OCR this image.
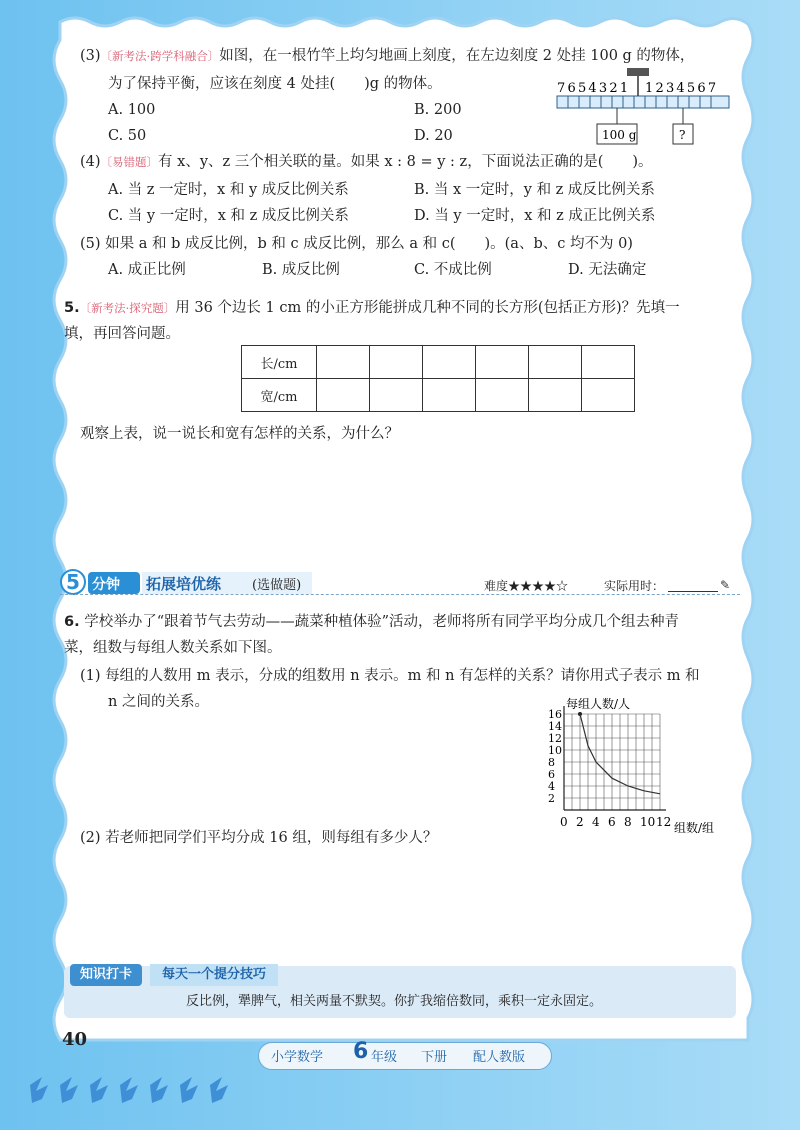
(3)〔新考法·跨学科融合〕如图，在一根竹竿上均匀地画上刻度，在左边刻度 2 处挂 100 g 的物体，
为了保持平衡，应该在刻度 4 处挂(　　)g 的物体。
A. 100	B. 200
C. 50	D. 20
7654321 1234567
100 g	?
(4)〔易错题〕有 x、y、z 三个相关联的量。如果 x : 8 = y : z，下面说法正确的是(　　)。
A. 当 z 一定时，x 和 y 成反比例关系	B. 当 x 一定时，y 和 z 成反比例关系
C. 当 y 一定时，x 和 z 成反比例关系	D. 当 y 一定时，x 和 z 成正比例关系
(5) 如果 a 和 b 成反比例，b 和 c 成反比例，那么 a 和 c(　　)。(a、b、c 均不为 0)
A. 成正比例	B. 成反比例	C. 不成比例	D. 无法确定
5.〔新考法·探究题〕用 36 个边长 1 cm 的小正方形能拼成几种不同的长方形(包括正方形)？先填一
填，再回答问题。
长/cm						
宽/cm						
观察上表，说一说长和宽有怎样的关系，为什么？
5 分钟 拓展培优练 (选做题)	难度★★★★☆	实际用时：	✎
6. 学校举办了“跟着节气去劳动——蔬菜种植体验”活动，老师将所有同学平均分成几个组去种青
菜，组数与每组人数关系如下图。
(1) 每组的人数用 m 表示，分成的组数用 n 表示。m 和 n 有怎样的关系？请你用式子表示 m 和
n 之间的关系。
(2) 若老师把同学们平均分成 16 组，则每组有多少人？
每组人数/人
组数/组
0 2 4 6 8 10 12
2
4
6
8
10
12
14
16
知识打卡	每天一个提分技巧
反比例，犟脾气，相关两量不默契。你扩我缩倍数同，乘积一定永固定。
40
小学数学 6 年级 下册 配人教版
